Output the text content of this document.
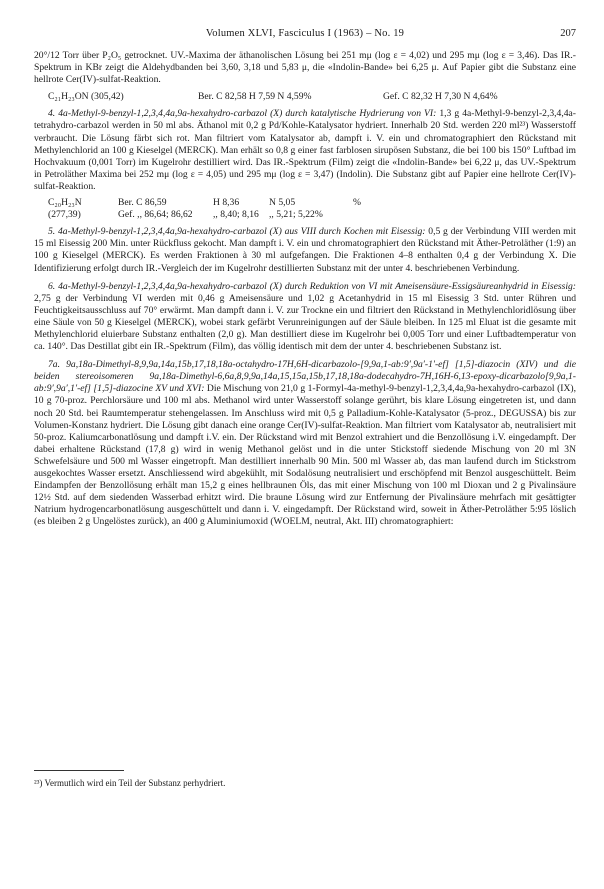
Volumen XLVI, Fasciculus I (1963) – No. 19	207

20°/12 Torr über P₂O₅ getrocknet. UV.-Maxima der äthanolischen Lösung bei 251 mμ (log ε = 4,02) und 295 mμ (log ε = 3,46). Das IR.-Spektrum in KBr zeigt die Aldehydbanden bei 3,60, 3,18 und 5,83 μ, die «Indolin-Bande» bei 6,25 μ. Auf Papier gibt die Substanz eine hellrote Cer(IV)-sulfat-Reaktion.

C₂₁H₂₃ON (305,42)	Ber. C 82,58 H 7,59 N 4,59%	Gef. C 82,32 H 7,30 N 4,64%

4. 4a-Methyl-9-benzyl-1,2,3,4,4a,9a-hexahydro-carbazol (X) durch katalytische Hydrierung von VI: 1,3 g 4a-Methyl-9-benzyl-2,3,4,4a-tetrahydro-carbazol werden in 50 ml abs. Äthanol mit 0,2 g Pd/Kohle-Katalysator hydriert. Innerhalb 20 Std. werden 220 ml²³) Wasserstoff verbraucht. Die Lösung färbt sich rot. Man filtriert vom Katalysator ab, dampft i. V. ein und chromatographiert den Rückstand mit Methylenchlorid an 100 g Kieselgel (MERCK). Man erhält so 0,8 g einer fast farblosen sirupösen Substanz, die bei 100 bis 150° Luftbad im Hochvakuum (0,001 Torr) im Kugelrohr destilliert wird. Das IR.-Spektrum (Film) zeigt die «Indolin-Bande» bei 6,22 μ, das UV.-Spektrum in Petroläther Maxima bei 252 mμ (log ε = 4,05) und 295 mμ (log ε = 3,47) (Indolin). Die Substanz gibt auf Papier eine hellrote Cer(IV)-sulfat-Reaktion.

C₂₀H₂₃N	Ber. C 86,59	H 8,36	N 5,05	%
(277,39)	Gef. ,, 86,64; 86,62	,, 8,40; 8,16	,, 5,21; 5,22%	

5. 4a-Methyl-9-benzyl-1,2,3,4,4a,9a-hexahydro-carbazol (X) aus VIII durch Kochen mit Eisessig: 0,5 g der Verbindung VIII werden mit 15 ml Eisessig 200 Min. unter Rückfluss gekocht. Man dampft i. V. ein und chromatographiert den Rückstand mit Äther-Petroläther (1:9) an 100 g Kieselgel (MERCK). Es werden Fraktionen à 30 ml aufgefangen. Die Fraktionen 4–8 enthalten 0,4 g der Verbindung X. Die Identifizierung erfolgt durch IR.-Vergleich der im Kugelrohr destillierten Substanz mit der unter 4. beschriebenen Verbindung.

6. 4a-Methyl-9-benzyl-1,2,3,4,4a,9a-hexahydro-carbazol (X) durch Reduktion von VI mit Ameisensäure-Essigsäureanhydrid in Eisessig: 2,75 g der Verbindung VI werden mit 0,46 g Ameisensäure und 1,02 g Acetanhydrid in 15 ml Eisessig 3 Std. unter Rühren und Feuchtigkeitsausschluss auf 70° erwärmt. Man dampft dann i. V. zur Trockne ein und filtriert den Rückstand in Methylenchloridlösung über eine Säule von 50 g Kieselgel (MERCK), wobei stark gefärbt Verunreinigungen auf der Säule bleiben. In 125 ml Eluat ist die gesamte mit Methylenchlorid eluierbare Substanz enthalten (2,0 g). Man destilliert diese im Kugelrohr bei 0,005 Torr und einer Luftbadtemperatur von ca. 140°. Das Destillat gibt ein IR.-Spektrum (Film), das völlig identisch mit dem der unter 4. beschriebenen Substanz ist.

7a. 9a,18a-Dimethyl-8,9,9a,14a,15b,17,18,18a-octahydro-17H,6H-dicarbazolo-[9,9a,1-ab:9′,9a′-1′-ef] [1,5]-diazocin (XIV) und die beiden stereoisomeren 9a,18a-Dimethyl-6,6a,8,9,9a,14a,15,15a,15b,17,18,18a-dodecahydro-7H,16H-6,13-epoxy-dicarbazolo[9,9a,1-ab:9′,9a′,1′-ef] [1,5]-diazocine XV und XVI: Die Mischung von 21,0 g 1-Formyl-4a-methyl-9-benzyl-1,2,3,4,4a,9a-hexahydro-carbazol (IX), 10 g 70-proz. Perchlorsäure und 100 ml abs. Methanol wird unter Wasserstoff solange gerührt, bis klare Lösung eingetreten ist, und dann noch 20 Std. bei Raumtemperatur stehengelassen. Im Anschluss wird mit 0,5 g Palladium-Kohle-Katalysator (5-proz., DEGUSSA) bis zur Volumen-Konstanz hydriert. Die Lösung gibt danach eine orange Cer(IV)-sulfat-Reaktion. Man filtriert vom Katalysator ab, neutralisiert mit 50-proz. Kaliumcarbonatlösung und dampft i.V. ein. Der Rückstand wird mit Benzol extrahiert und die Benzollösung i.V. eingedampft. Der dabei erhaltene Rückstand (17,8 g) wird in wenig Methanol gelöst und in die unter Stickstoff siedende Mischung von 20 ml 3N Schwefelsäure und 500 ml Wasser eingetropft. Man destilliert innerhalb 90 Min. 500 ml Wasser ab, das man laufend durch im Stickstrom ausgekochtes Wasser ersetzt. Anschliessend wird abgekühlt, mit Sodalösung neutralisiert und erschöpfend mit Benzol ausgeschüttelt. Beim Eindampfen der Benzollösung erhält man 15,2 g eines hellbraunen Öls, das mit einer Mischung von 100 ml Dioxan und 2 g Pivalinsäure 12½ Std. auf dem siedenden Wasserbad erhitzt wird. Die braune Lösung wird zur Entfernung der Pivalinsäure mehrfach mit gesättigter Natrium hydrogencarbonatlösung ausgeschüttelt und dann i. V. eingedampft. Der Rückstand wird, soweit in Äther-Petroläther 5:95 löslich (es bleiben 2 g Ungelöstes zurück), an 400 g Aluminiumoxid (WOELM, neutral, Akt. III) chromatographiert:

²³) Vermutlich wird ein Teil der Substanz perhydriert.
